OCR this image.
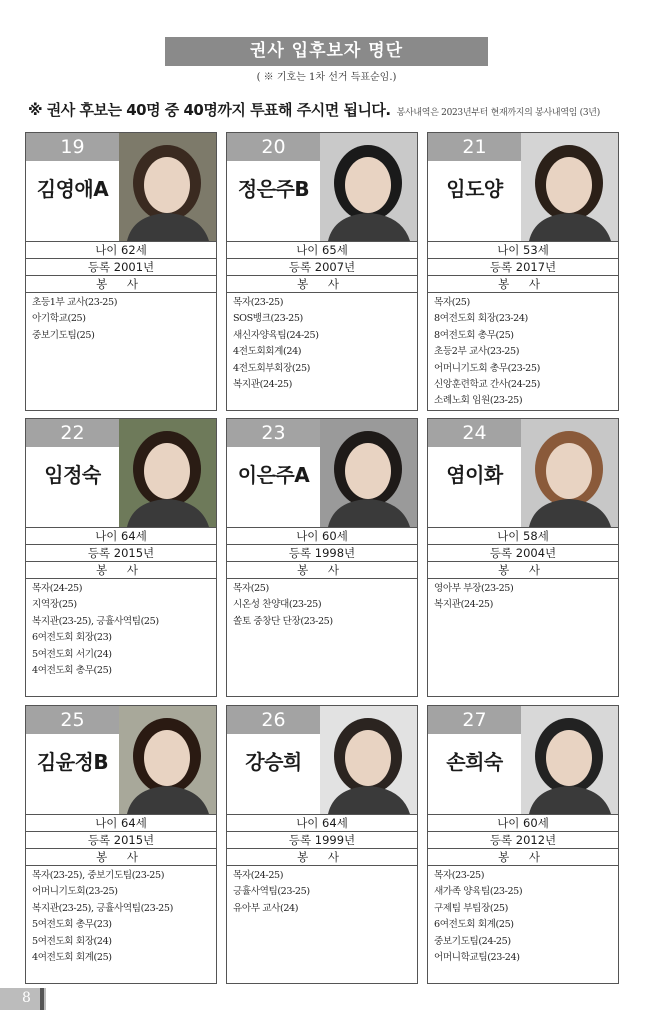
권사 입후보자 명단
( ※ 기호는 1차 선거 득표순임.)
※ 권사 후보는 40명 중 40명까지 투표해 주시면 됩니다. 봉사내역은 2023년부터 현재까지의 봉사내역임 (3년)
19
김영애A
나이 62세
등록 2001년
봉 사
초등1부 교사(23-25)
아기학교(25)
중보기도팀(25)
20
정은주B
나이 65세
등록 2007년
봉 사
목자(23-25)
SOS뱅크(23-25)
새신자양육팀(24-25)
4전도회회계(24)
4전도회부회장(25)
복지관(24-25)
21
임도양
나이 53세
등록 2017년
봉 사
목자(25)
8여전도회 회장(23-24)
8여전도회 총무(25)
초등2부 교사(23-25)
어머니기도회 총무(23-25)
신앙훈련학교 간사(24-25)
소례노회 임원(23-25)
22
임정숙
나이 64세
등록 2015년
봉 사
목자(24-25)
지역장(25)
복지관(23-25), 긍휼사역팀(25)
6여전도회 회장(23)
5여전도회 서기(24)
4여전도회 총무(25)
23
이은주A
나이 60세
등록 1998년
봉 사
목자(25)
시온성 찬양대(23-25)
쏠토 중창단 단장(23-25)
24
염이화
나이 58세
등록 2004년
봉 사
영아부 부장(23-25)
복지관(24-25)
25
김윤정B
나이 64세
등록 2015년
봉 사
목자(23-25), 중보기도팀(23-25)
어머니기도회(23-25)
복지관(23-25), 긍휼사역팀(23-25)
5여전도회 총무(23)
5여전도회 회장(24)
4여전도회 회계(25)
26
강승희
나이 64세
등록 1999년
봉 사
목자(24-25)
긍휼사역팀(23-25)
유아부 교사(24)
27
손희숙
나이 60세
등록 2012년
봉 사
목자(23-25)
새가족 양육팀(23-25)
구제팀 부팀장(25)
6여전도회 회계(25)
중보기도팀(24-25)
어머니학교팀(23-24)
8
